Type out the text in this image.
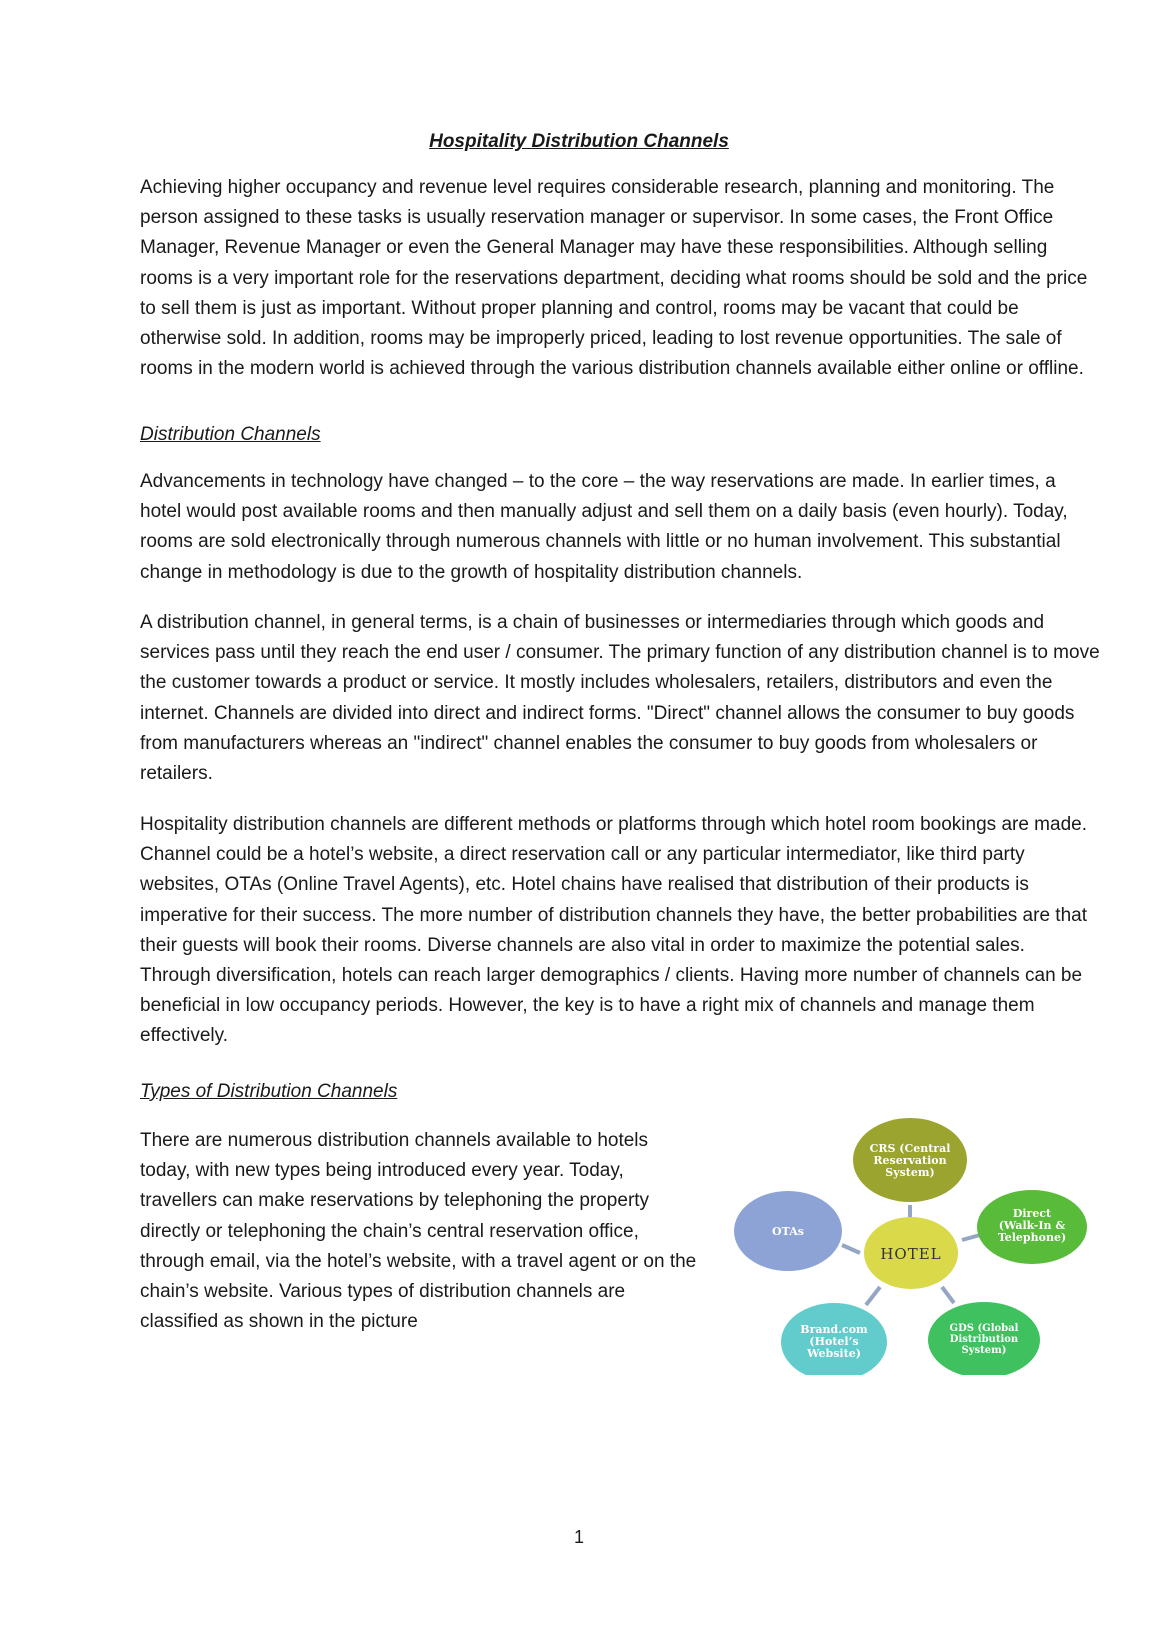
Hospitality Distribution Channels

Achieving higher occupancy and revenue level requires considerable research, planning and monitoring. The person assigned to these tasks is usually reservation manager or supervisor. In some cases, the Front Office Manager, Revenue Manager or even the General Manager may have these responsibilities. Although selling rooms is a very important role for the reservations department, deciding what rooms should be sold and the price to sell them is just as important. Without proper planning and control, rooms may be vacant that could be otherwise sold. In addition, rooms may be improperly priced, leading to lost revenue opportunities. The sale of rooms in the modern world is achieved through the various distribution channels available either online or offline.

Distribution Channels

Advancements in technology have changed – to the core – the way reservations are made. In earlier times, a hotel would post available rooms and then manually adjust and sell them on a daily basis (even hourly). Today, rooms are sold electronically through numerous channels with little or no human involvement. This substantial change in methodology is due to the growth of hospitality distribution channels.

A distribution channel, in general terms, is a chain of businesses or intermediaries through which goods and services pass until they reach the end user / consumer. The primary function of any distribution channel is to move the customer towards a product or service. It mostly includes wholesalers, retailers, distributors and even the internet. Channels are divided into direct and indirect forms. "Direct" channel allows the consumer to buy goods from manufacturers whereas an "indirect" channel enables the consumer to buy goods from wholesalers or retailers.

Hospitality distribution channels are different methods or platforms through which hotel room bookings are made. Channel could be a hotel’s website, a direct reservation call or any particular intermediator, like third party websites, OTAs (Online Travel Agents), etc. Hotel chains have realised that distribution of their products is imperative for their success. The more number of distribution channels they have, the better probabilities are that their guests will book their rooms. Diverse channels are also vital in order to maximize the potential sales. Through diversification, hotels can reach larger demographics / clients. Having more number of channels can be beneficial in low occupancy periods. However, the key is to have a right mix of channels and manage them effectively.

Types of Distribution Channels

There are numerous distribution channels available to hotels today, with new types being introduced every year. Today, travellers can make reservations by telephoning the property directly or telephoning the chain’s central reservation office, through email, via the hotel’s website, with a travel agent or on the chain’s website. Various types of distribution channels are classified as shown in the picture

HOTEL
CRS (Central Reservation System)
Direct (Walk-In & Telephone)
GDS (Global Distribution System)
Brand.com (Hotel’s Website)
OTAs
1
